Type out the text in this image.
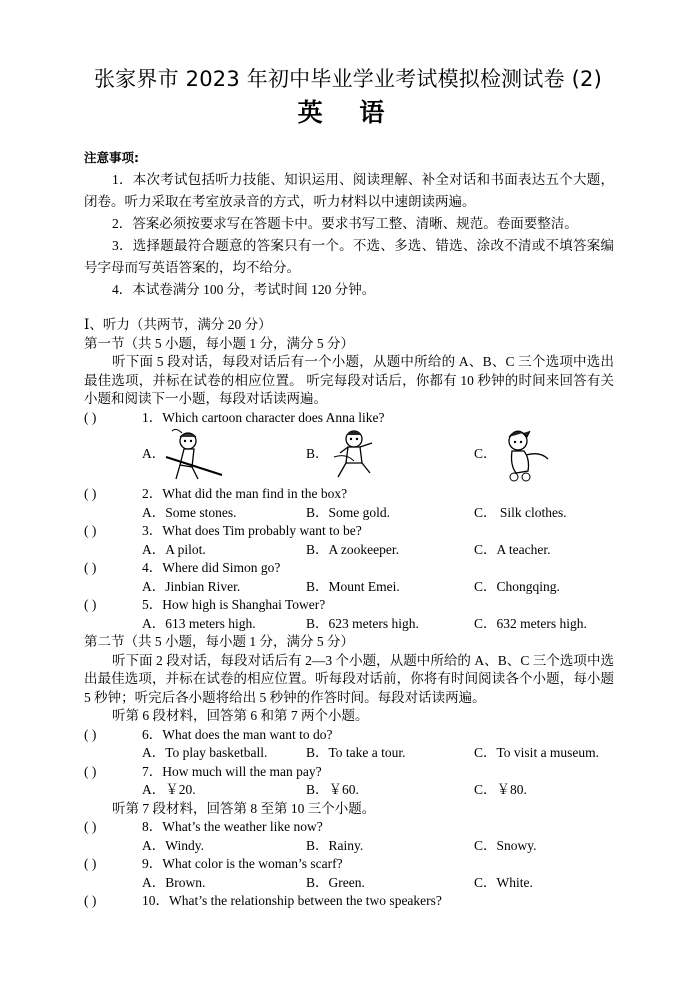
张家界市 2023 年初中毕业学业考试模拟检测试卷 (2)
英 语
注意事项:
1．本次考试包括听力技能、知识运用、阅读理解、补全对话和书面表达五个大题，闭卷。听力采取在考室放录音的方式，听力材料以中速朗读两遍。
2．答案必须按要求写在答题卡中。要求书写工整、清晰、规范。卷面要整洁。
3．选择题最符合题意的答案只有一个。不选、多选、错选、涂改不清或不填答案编号字母而写英语答案的，均不给分。
4．本试卷满分 100 分，考试时间 120 分钟。
Ⅰ、听力（共两节，满分 20 分）
第一节（共 5 小题，每小题 1 分，满分 5 分）
听下面 5 段对话，每段对话后有一个小题，从题中所给的 A、B、C 三个选项中选出最佳选项，并标在试卷的相应位置。 听完每段对话后，你都有 10 秒钟的时间来回答有关小题和阅读下一小题，每段对话读两遍。
( )	1．Which cartoon character does Anna like?
A．	B．	C．
( )	2．What did the man find in the box?
A．Some stones.	B．Some gold.	C． Silk clothes.
( )	3．What does Tim probably want to be?
A．A pilot.	B．A zookeeper.	C．A teacher.
( )	4．Where did Simon go?
A．Jinbian River.	B．Mount Emei.	C．Chongqing.
( )	5．How high is Shanghai Tower?
A．613 meters high.	B．623 meters high.	C．632 meters high.
第二节（共 5 小题，每小题 1 分，满分 5 分）
听下面 2 段对话，每段对话后有 2—3 个小题，从题中所给的 A、B、C 三个选项中选出最佳选项，并标在试卷的相应位置。听每段对话前，你将有时间阅读各个小题，每小题 5 秒钟；听完后各小题将给出 5 秒钟的作答时间。每段对话读两遍。
听第 6 段材料，回答第 6 和第 7 两个小题。
( )	6．What does the man want to do?
A．To play basketball.	B．To take a tour.	C．To visit a museum.
( )	7．How much will the man pay?
A．￥20.	B．￥60.	C．￥80.
听第 7 段材料，回答第 8 至第 10 三个小题。
( )	8．What’s the weather like now?
A．Windy.	B．Rainy.	C．Snowy.
( )	9．What color is the woman’s scarf?
A．Brown.	B．Green.	C．White.
( )	10．What’s the relationship between the two speakers?
